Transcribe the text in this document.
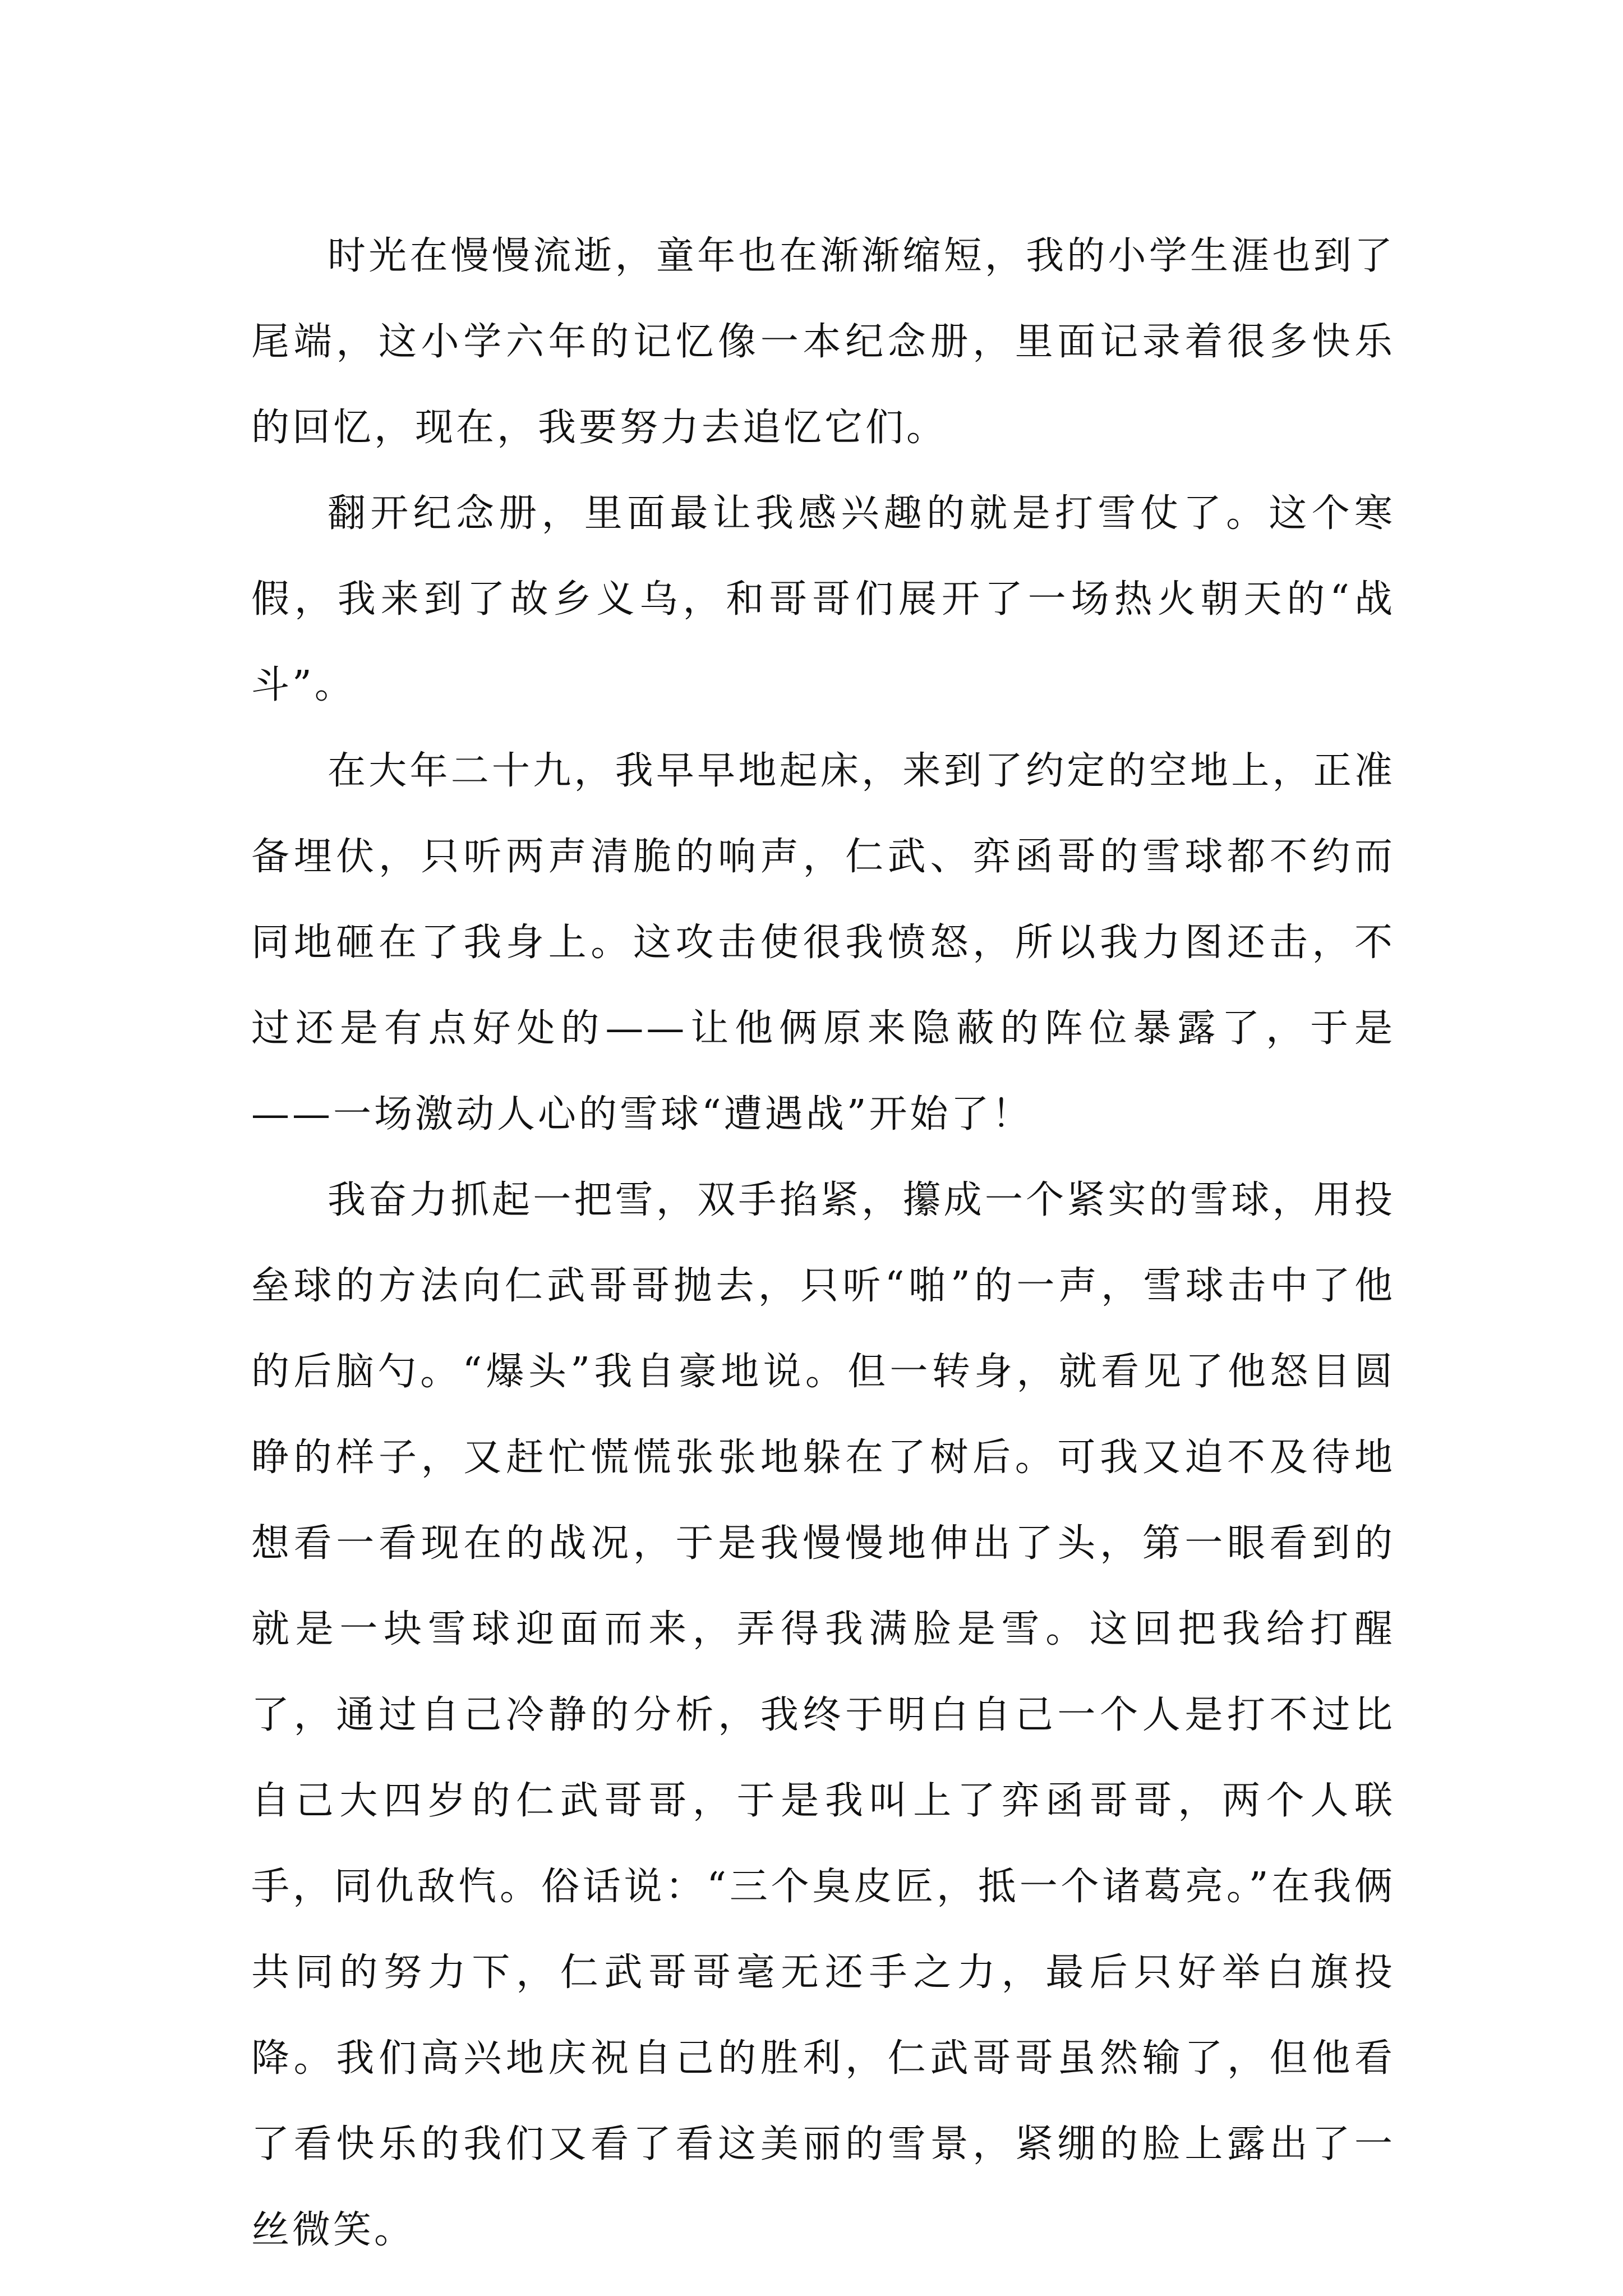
时光在慢慢流逝，童年也在渐渐缩短，我的小学生涯也到了尾端，这小学六年的记忆像一本纪念册，里面记录着很多快乐的回忆，现在，我要努力去追忆它们。

翻开纪念册，里面最让我感兴趣的就是打雪仗了。这个寒假，我来到了故乡义乌，和哥哥们展开了一场热火朝天的“战斗”。

在大年二十九，我早早地起床，来到了约定的空地上，正准备埋伏，只听两声清脆的响声，仁武、弈函哥的雪球都不约而同地砸在了我身上。这攻击使很我愤怒，所以我力图还击，不过还是有点好处的——让他俩原来隐蔽的阵位暴露了，于是——一场激动人心的雪球“遭遇战”开始了！

我奋力抓起一把雪，双手掐紧，攥成一个紧实的雪球，用投垒球的方法向仁武哥哥抛去，只听“啪”的一声，雪球击中了他的后脑勺。“爆头”我自豪地说。但一转身，就看见了他怒目圆睁的样子，又赶忙慌慌张张地躲在了树后。可我又迫不及待地想看一看现在的战况，于是我慢慢地伸出了头，第一眼看到的就是一块雪球迎面而来，弄得我满脸是雪。这回把我给打醒了，通过自己冷静的分析，我终于明白自己一个人是打不过比自己大四岁的仁武哥哥，于是我叫上了弈函哥哥，两个人联手，同仇敌忾。俗话说：“三个臭皮匠，抵一个诸葛亮。”在我俩共同的努力下，仁武哥哥毫无还手之力，最后只好举白旗投降。我们高兴地庆祝自己的胜利，仁武哥哥虽然输了，但他看了看快乐的我们又看了看这美丽的雪景，紧绷的脸上露出了一丝微笑。
